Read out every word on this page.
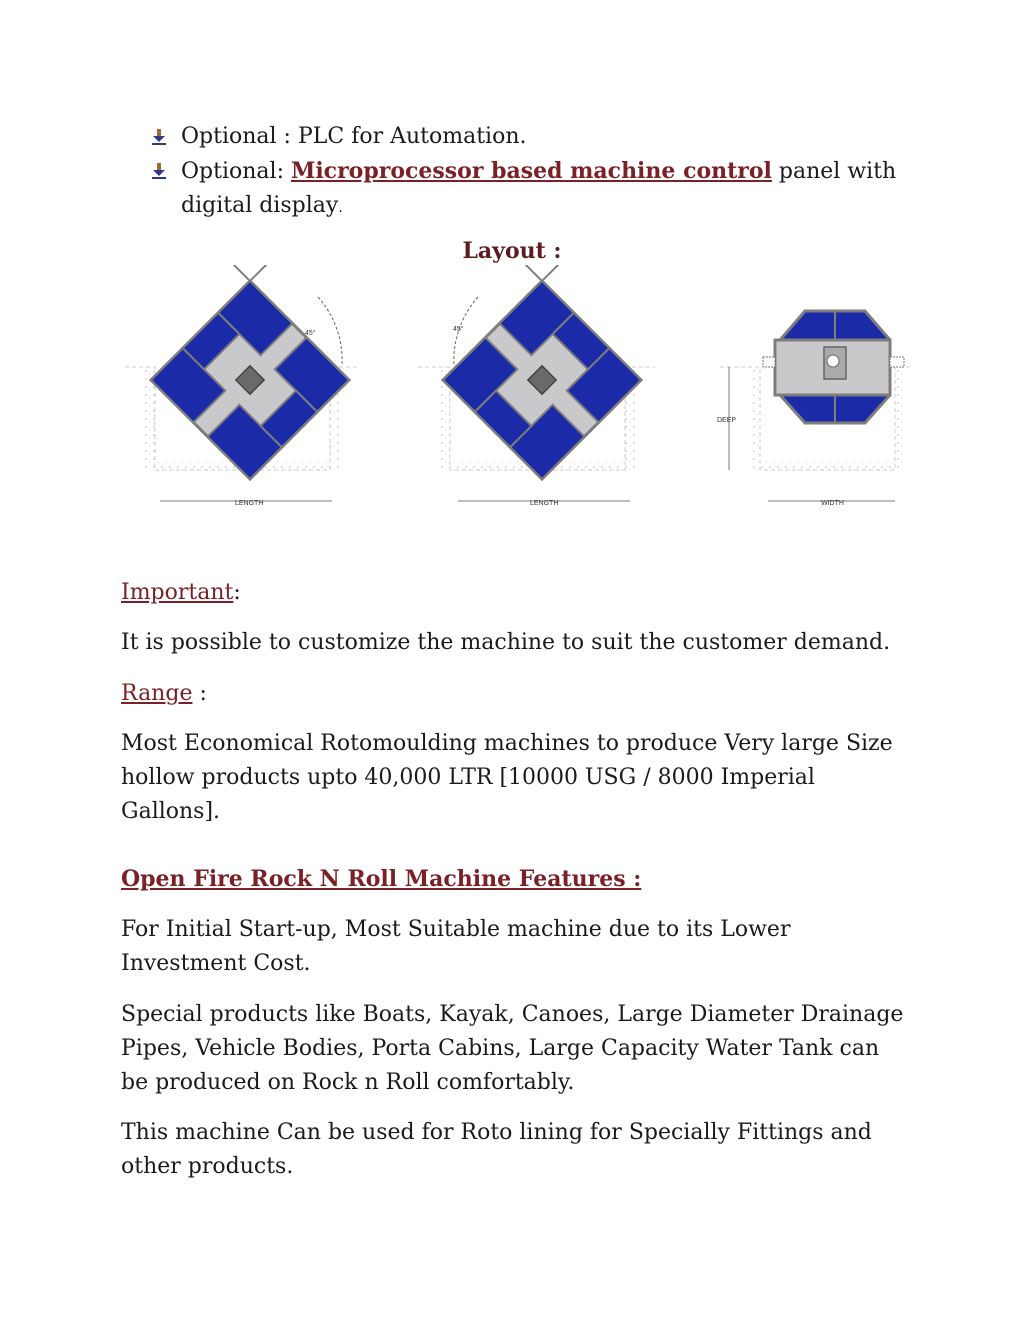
Optional : PLC for Automation.
Optional: Microprocessor based machine control panel with digital display.
Layout :
45°
LENGTH
45°
LENGTH
DEEP
WIDTH
Important:
It is possible to customize the machine to suit the customer demand.
Range :
Most Economical Rotomoulding machines to produce Very large Size hollow products upto 40,000 LTR [10000 USG / 8000 Imperial Gallons].
Open Fire Rock N Roll Machine Features :
For Initial Start-up, Most Suitable machine due to its Lower Investment Cost.
Special products like Boats, Kayak, Canoes, Large Diameter Drainage Pipes, Vehicle Bodies, Porta Cabins, Large Capacity Water Tank can be produced on Rock n Roll comfortably.
This machine Can be used for Roto lining for Specially Fittings and other products.
